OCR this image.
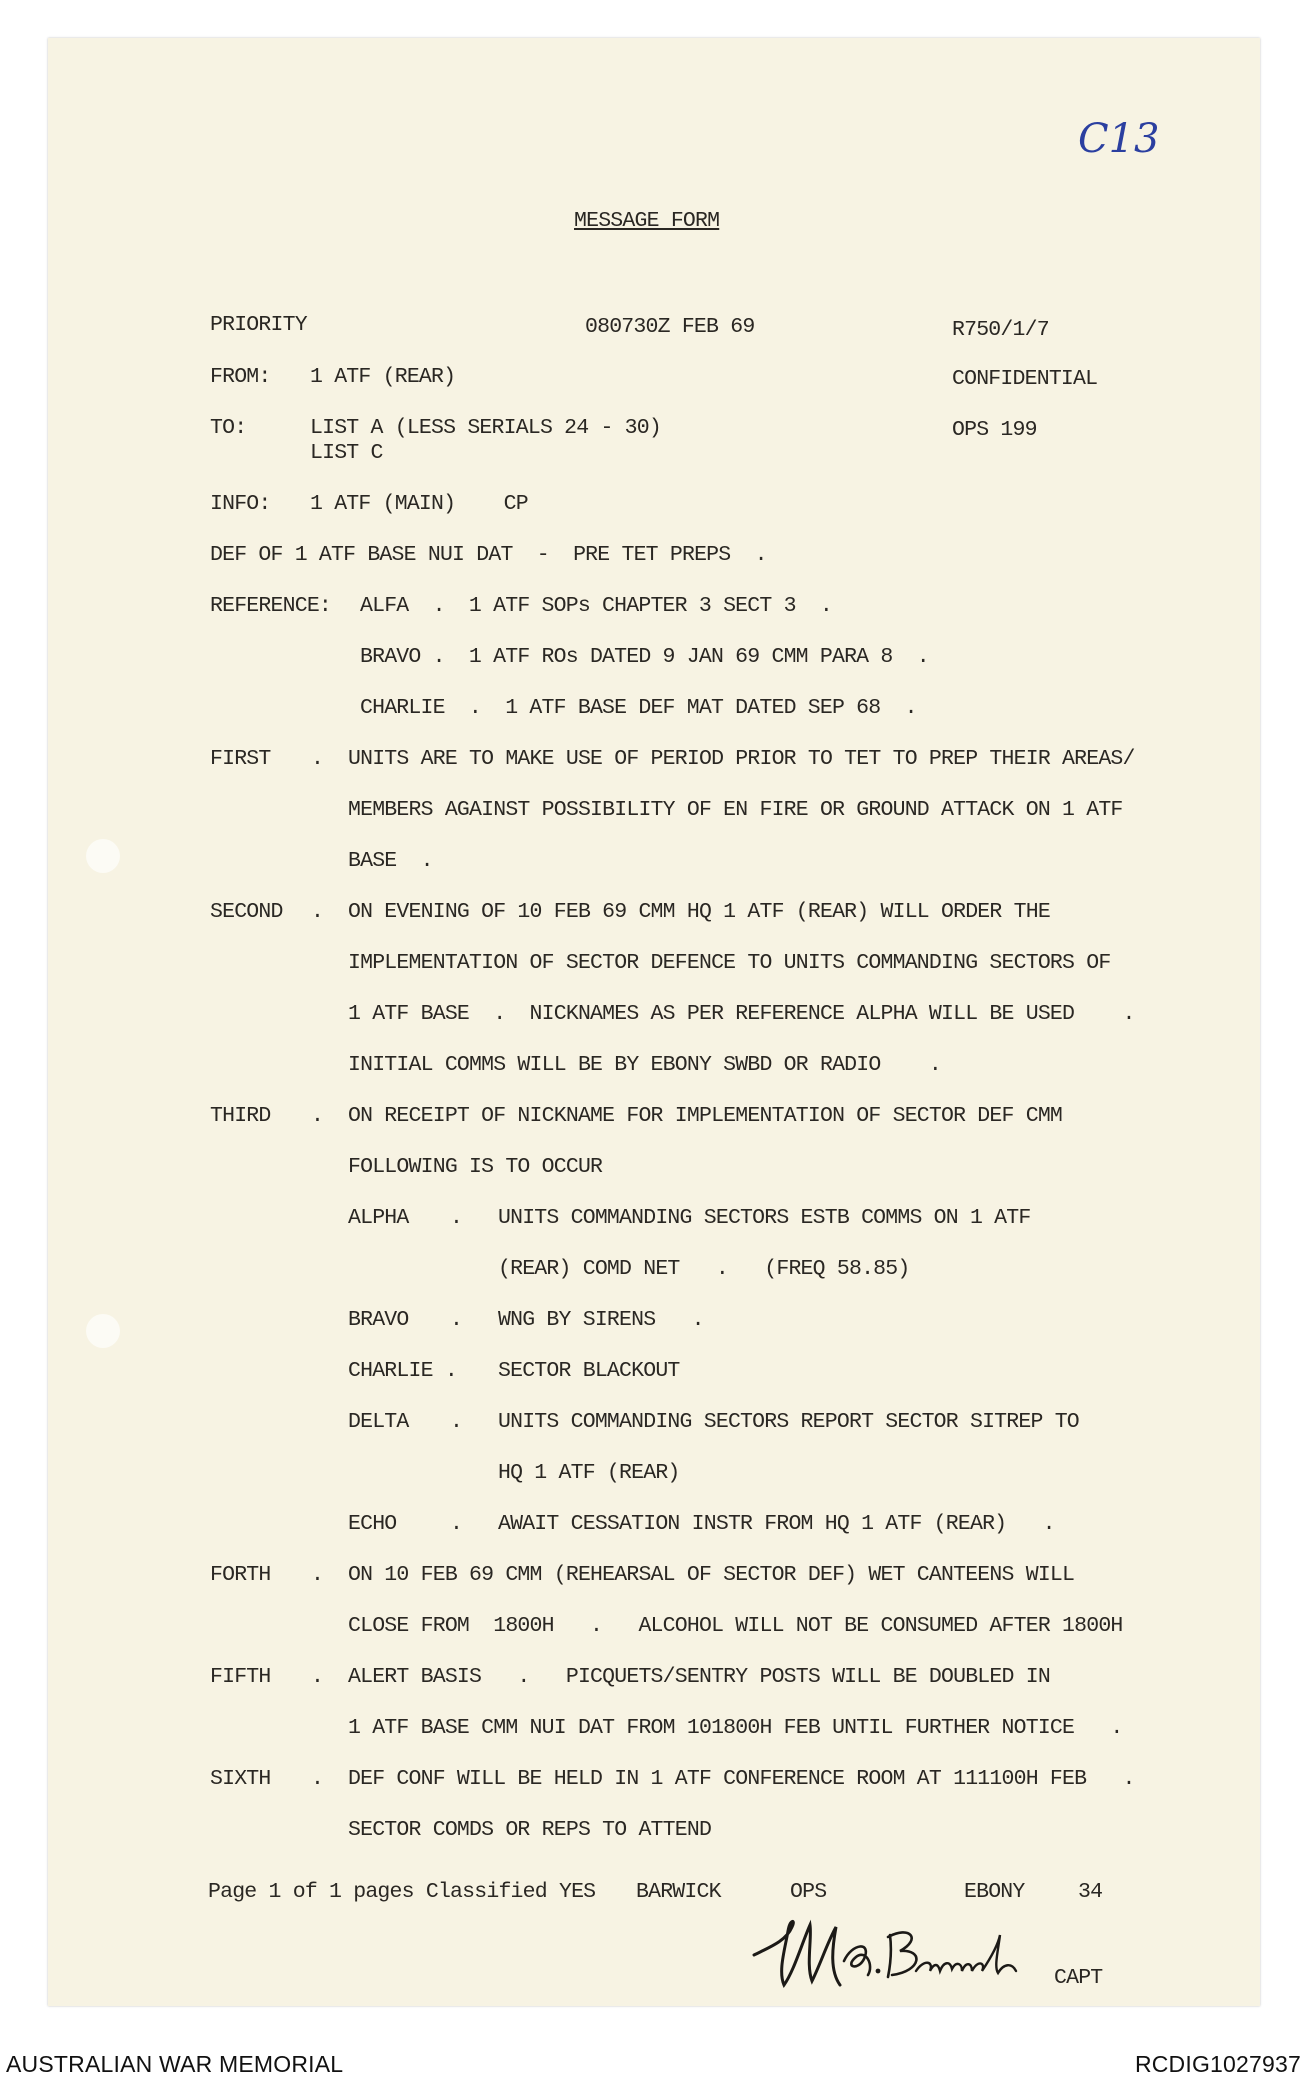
C13
MESSAGE FORM
PRIORITY	080730Z FEB 69	R750/1/7
FROM: 1 ATF (REAR)	CONFIDENTIAL
TO:	LIST A (LESS SERIALS 24 - 30)	OPS 199
LIST C
INFO: 1 ATF (MAIN)    CP
DEF OF 1 ATF BASE NUI DAT  -  PRE TET PREPS  .
REFERENCE: ALFA  .  1 ATF SOPs CHAPTER 3 SECT 3  .
BRAVO .  1 ATF ROs DATED 9 JAN 69 CMM PARA 8  .
CHARLIE  .  1 ATF BASE DEF MAT DATED SEP 68  .
FIRST . UNITS ARE TO MAKE USE OF PERIOD PRIOR TO TET TO PREP THEIR AREAS/
MEMBERS AGAINST POSSIBILITY OF EN FIRE OR GROUND ATTACK ON 1 ATF
BASE  .
SECOND . ON EVENING OF 10 FEB 69 CMM HQ 1 ATF (REAR) WILL ORDER THE
IMPLEMENTATION OF SECTOR DEFENCE TO UNITS COMMANDING SECTORS OF
1 ATF BASE  .  NICKNAMES AS PER REFERENCE ALPHA WILL BE USED    .
INITIAL COMMS WILL BE BY EBONY SWBD OR RADIO    .
THIRD . ON RECEIPT OF NICKNAME FOR IMPLEMENTATION OF SECTOR DEF CMM
FOLLOWING IS TO OCCUR
ALPHA . UNITS COMMANDING SECTORS ESTB COMMS ON 1 ATF
(REAR) COMD NET   .   (FREQ 58.85)
BRAVO . WNG BY SIRENS   .
CHARLIE . SECTOR BLACKOUT
DELTA . UNITS COMMANDING SECTORS REPORT SECTOR SITREP TO
HQ 1 ATF (REAR)
ECHO . AWAIT CESSATION INSTR FROM HQ 1 ATF (REAR)   .
FORTH . ON 10 FEB 69 CMM (REHEARSAL OF SECTOR DEF) WET CANTEENS WILL
CLOSE FROM  1800H   .   ALCOHOL WILL NOT BE CONSUMED AFTER 1800H
FIFTH . ALERT BASIS   .   PICQUETS/SENTRY POSTS WILL BE DOUBLED IN
1 ATF BASE CMM NUI DAT FROM 101800H FEB UNTIL FURTHER NOTICE   .
SIXTH . DEF CONF WILL BE HELD IN 1 ATF CONFERENCE ROOM AT 111100H FEB   .
SECTOR COMDS OR REPS TO ATTEND
Page 1 of 1 pages Classified YES BARWICK	OPS	EBONY 34
CAPT
AUSTRALIAN WAR MEMORIAL	RCDIG1027937
